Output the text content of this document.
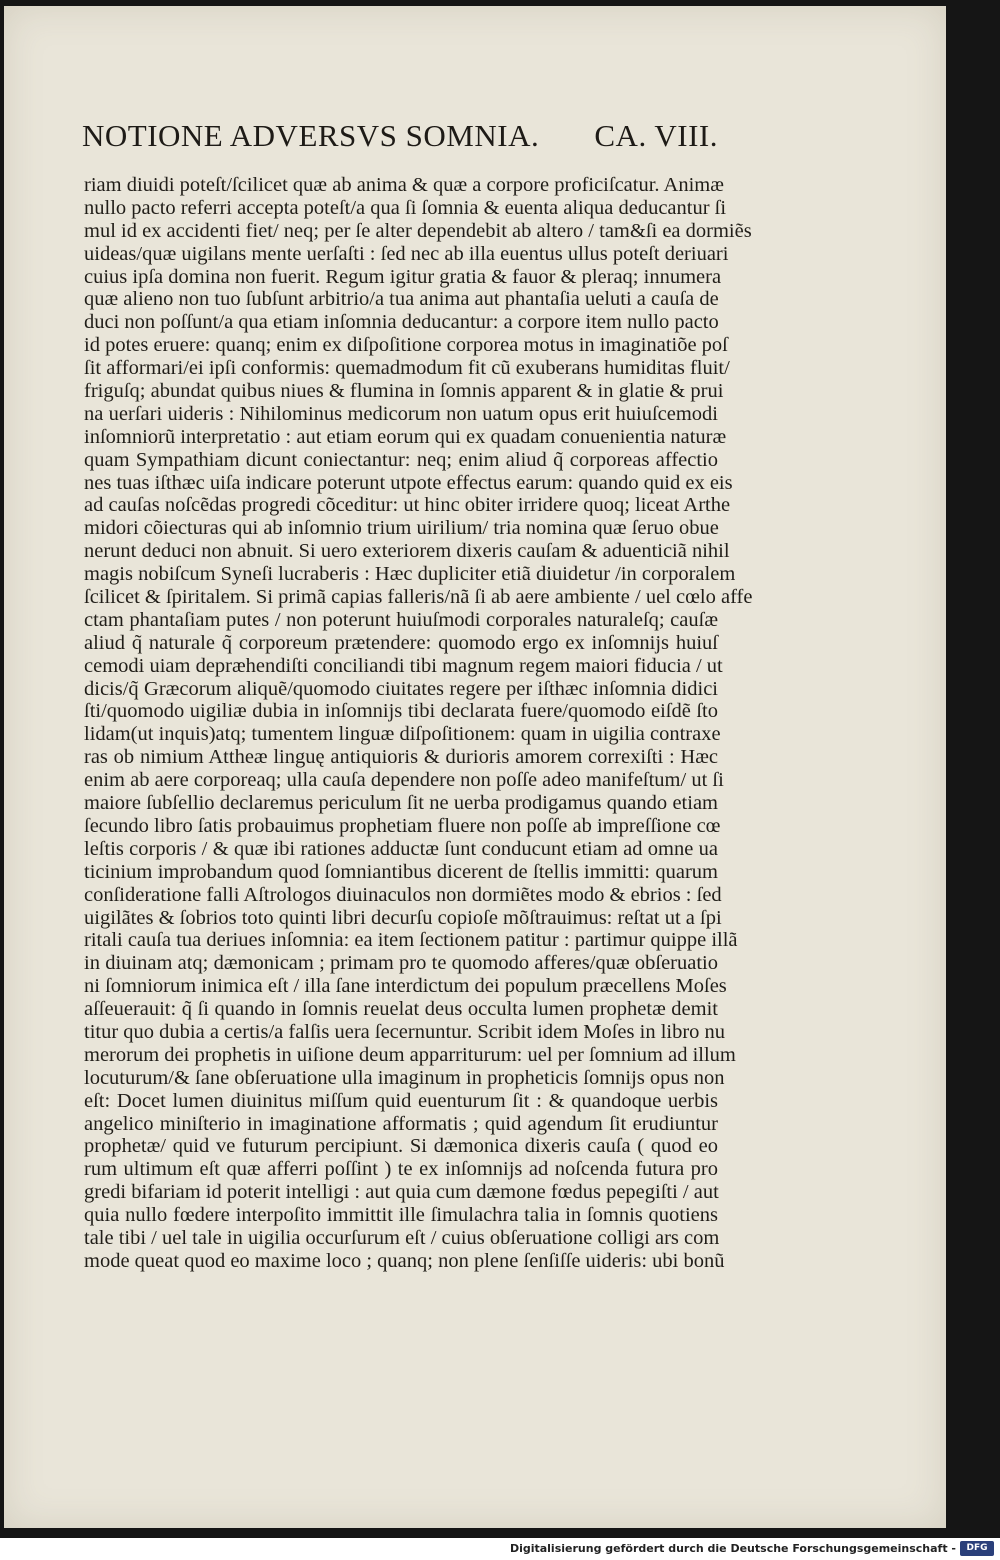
NOTIONE ADVERSVS SOMNIA. CA. VIII.
riam diuidi poteſt/ſcilicet quæ ab anima & quæ a corpore proficiſcatur. Animæ
nullo pacto referri accepta poteſt/a qua ſi ſomnia & euenta aliqua deducantur ſi
mul id ex accidenti fiet/ neq; per ſe alter dependebit ab altero / tam&ſi ea dormiẽs
uideas/quæ uigilans mente uerſaſti : ſed nec ab illa euentus ullus poteſt deriuari
cuius ipſa domina non fuerit. Regum igitur gratia & fauor & pleraq; innumera
quæ alieno non tuo ſubſunt arbitrio/a tua anima aut phantaſia ueluti a cauſa de
duci non poſſunt/a qua etiam inſomnia deducantur: a corpore item nullo pacto
id potes eruere: quanq; enim ex diſpoſitione corporea motus in imaginatiõe poſ
ſit afformari/ei ipſi conformis: quemadmodum fit cũ exuberans humiditas fluit/
friguſq; abundat quibus niues & flumina in ſomnis apparent & in glatie & prui
na uerſari uideris : Nihilominus medicorum non uatum opus erit huiuſcemodi
inſomniorũ interpretatio : aut etiam eorum qui ex quadam conuenientia naturæ
quam Sympathiam dicunt coniectantur: neq; enim aliud q̃ corporeas affectio
nes tuas iſthæc uiſa indicare poterunt utpote effectus earum: quando quid ex eis
ad cauſas noſcẽdas progredi cõceditur: ut hinc obiter irridere quoq; liceat Arthe
midori cõiecturas qui ab inſomnio trium uirilium/ tria nomina quæ ſeruo obue
nerunt deduci non abnuit. Si uero exteriorem dixeris cauſam & aduenticiã nihil
magis nobiſcum Syneſi lucraberis : Hæc dupliciter etiã diuidetur /in corporalem
ſcilicet & ſpiritalem. Si primã capias falleris/nã ſi ab aere ambiente / uel cœlo affe
ctam phantaſiam putes / non poterunt huiuſmodi corporales naturaleſq; cauſæ
aliud q̃ naturale q̃ corporeum prætendere: quomodo ergo ex inſomnijs huiuſ
cemodi uiam depræhendiſti conciliandi tibi magnum regem maiori fiducia / ut
dicis/q̃ Græcorum aliquẽ/quomodo ciuitates regere per iſthæc inſomnia didici
ſti/quomodo uigiliæ dubia in inſomnijs tibi declarata fuere/quomodo eiſdẽ ſto
lidam(ut inquis)atq; tumentem linguæ diſpoſitionem: quam in uigilia contraxe
ras ob nimium Attheæ linguę antiquioris & durioris amorem correxiſti : Hæc
enim ab aere corporeaq; ulla cauſa dependere non poſſe adeo manifeſtum/ ut ſi
maiore ſubſellio declaremus periculum ſit ne uerba prodigamus quando etiam
ſecundo libro ſatis probauimus prophetiam fluere non poſſe ab impreſſione cœ
leſtis corporis / & quæ ibi rationes adductæ ſunt conducunt etiam ad omne ua
ticinium improbandum quod ſomniantibus dicerent de ſtellis immitti: quarum
conſideratione falli Aſtrologos diuinaculos non dormiẽtes modo & ebrios : ſed
uigilãtes & ſobrios toto quinti libri decurſu copioſe mõſtrauimus: reſtat ut a ſpi
ritali cauſa tua deriues inſomnia: ea item ſectionem patitur : partimur quippe illã
in diuinam atq; dæmonicam ; primam pro te quomodo afferes/quæ obſeruatio
ni ſomniorum inimica eſt / illa ſane interdictum dei populum præcellens Moſes
aſſeuerauit: q̃ ſi quando in ſomnis reuelat deus occulta lumen prophetæ demit
titur quo dubia a certis/a falſis uera ſecernuntur. Scribit idem Moſes in libro nu
merorum dei prophetis in uiſione deum apparriturum: uel per ſomnium ad illum
locuturum/& ſane obſeruatione ulla imaginum in propheticis ſomnijs opus non
eſt: Docet lumen diuinitus miſſum quid euenturum ſit : & quandoque uerbis
angelico miniſterio in imaginatione afformatis ; quid agendum ſit erudiuntur
prophetæ/ quid ve futurum percipiunt. Si dæmonica dixeris cauſa ( quod eo
rum ultimum eſt quæ afferri poſſint ) te ex inſomnijs ad noſcenda futura pro
gredi bifariam id poterit intelligi : aut quia cum dæmone fœdus pepegiſti / aut
quia nullo fœdere interpoſito immittit ille ſimulachra talia in ſomnis quotiens
tale tibi / uel tale in uigilia occurſurum eſt / cuius obſeruatione colligi ars com
mode queat quod eo maxime loco ; quanq; non plene ſenſiſſe uideris: ubi bonũ
Digitalisierung gefördert durch die Deutsche Forschungsgemeinschaft -	DFG
